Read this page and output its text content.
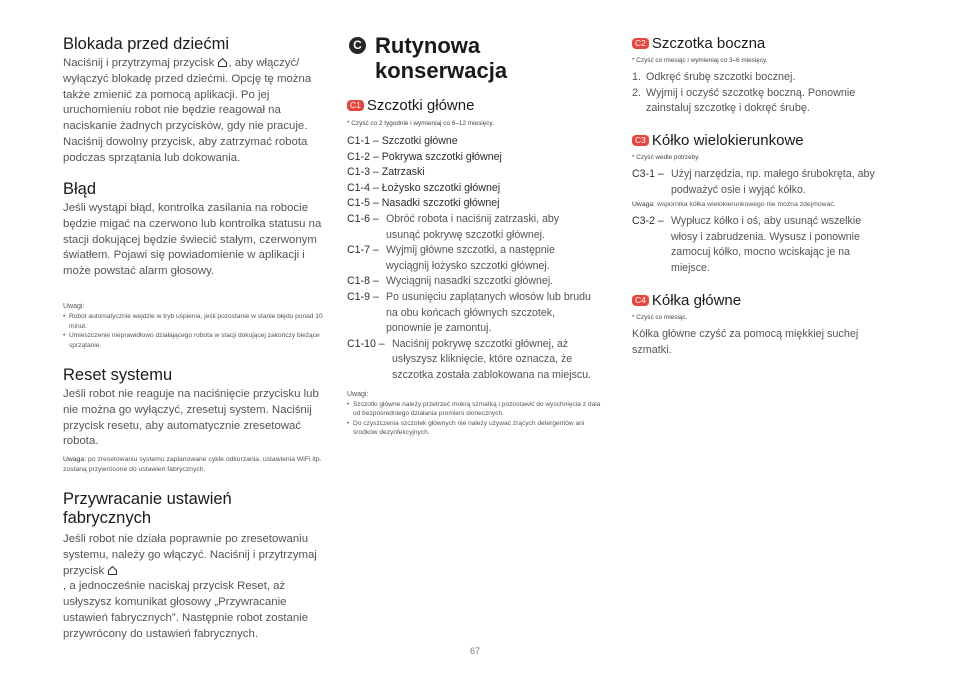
Blokada przed dziećmi

Naciśnij i przytrzymaj przycisk , aby włączyć/ wyłączyć blokadę przed dziećmi. Opcję tę można także zmienić za pomocą aplikacji. Po jej uruchomieniu robot nie będzie reagował na naciskanie żadnych przycisków, gdy nie pracuje. Naciśnij dowolny przycisk, aby zatrzymać robota podczas sprzątania lub dokowania.

Błąd

Jeśli wystąpi błąd, kontrolka zasilania na robocie będzie migać na czerwono lub kontrolka statusu na stacji dokującej będzie świecić stałym, czerwonym światłem. Pojawi się powiadomienie w aplikacji i może powstać alarm głosowy.

Uwagi:

• Robot automatycznie wejdzie w tryb uśpienia, jeśli pozostanie w stanie błędu ponad 10 minut.
• Umieszczenie nieprawidłowo działającego robota w stacji dokującej zakończy bieżące sprzątanie.
Reset systemu

Jeśli robot nie reaguje na naciśnięcie przycisku lub nie można go wyłączyć, zresetuj system. Naciśnij przycisk resetu, aby automatycznie zresetować robota.

Uwaga: po zresetowaniu systemu zaplanowane cykle odkurzania, ustawienia WiFi itp. zostaną przywrócone do ustawień fabrycznych.

Przywracanie ustawień fabrycznych

Jeśli robot nie działa poprawnie po zresetowaniu systemu, należy go włączyć. Naciśnij i przytrzymaj przycisk
, a jednocześnie naciskaj przycisk Reset, aż usłyszysz komunikat głosowy „Przywracanie ustawień fabrycznych”. Następnie robot zostanie przywrócony do ustawień fabrycznych.

C Rutynowa konserwacja

C1 Szczotki główne

* Czyść co 2 tygodnie i wymieniaj co 6–12 miesięcy.

C1-1 – Szczotki główne
C1-2 – Pokrywa szczotki głównej
C1-3 – Zatrzaski
C1-4 – Łożysko szczotki głównej
C1-5 – Nasadki szczotki głównej
C1-6 – Obróć robota i naciśnij zatrzaski, aby usunąć pokrywę szczotki głównej.
C1-7 – Wyjmij główne szczotki, a następnie wyciągnij łożysko szczotki głównej.
C1-8 – Wyciągnij nasadki szczotki głównej.
C1-9 – Po usunięciu zaplątanych włosów lub brudu na obu końcach głównych szczotek, ponownie je zamontuj.
C1-10 – Naciśnij pokrywę szczotki głównej, aż usłyszysz kliknięcie, które oznacza, że szczotka została zablokowana na miejscu.

Uwagi:

• Szczotki główne należy przetrzeć mokrą szmatką i pozostawić do wyschnięcia z dala od bezpośredniego działania promieni słonecznych.
• Do czyszczenia szczotek głównych nie należy używać żrących detergentów ani środków dezynfekcyjnych.

C2 Szczotka boczna

* Czyść co miesiąc i wymieniaj co 3–6 miesięcy.

1. Odkręć śrubę szczotki bocznej.
2. Wyjmij i oczyść szczotkę boczną. Ponownie zainstaluj szczotkę i dokręć śrubę.

C3 Kółko wielokierunkowe

* Czyść wedle potrzeby.

C3-1 – Użyj narzędzia, np. małego śrubokręta, aby podważyć osie i wyjąć kółko.

Uwaga: wspornika kółka wielokierunkowego nie można zdejmować.

C3-2 – Wypłucz kółko i oś, aby usunąć wszelkie włosy i zabrudzenia. Wysusz i ponownie zamocuj kółko, mocno wciskając je na miejsce.

C4 Kółka główne

* Czyść co miesiąc.

Kółka główne czyść za pomocą miękkiej suchej szmatki.

67
